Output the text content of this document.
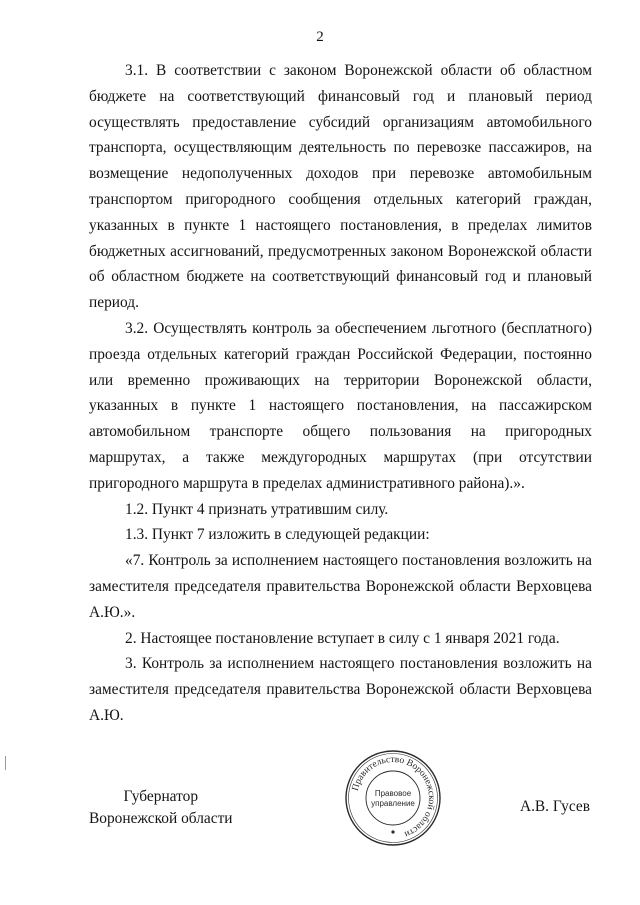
2

3.1. В соответствии с законом Воронежской области об областном бюджете на соответствующий финансовый год и плановый период осуществлять предоставление субсидий организациям автомобильного транспорта, осуществляющим деятельность по перевозке пассажиров, на возмещение недополученных доходов при перевозке автомобильным транспортом пригородного сообщения отдельных категорий граждан, указанных в пункте 1 настоящего постановления, в пределах лимитов бюджетных ассигнований, предусмотренных законом Воронежской области об областном бюджете на соответствующий финансовый год и плановый период.

3.2. Осуществлять контроль за обеспечением льготного (бесплатного) проезда отдельных категорий граждан Российской Федерации, постоянно или временно проживающих на территории Воронежской области, указанных в пункте 1 настоящего постановления, на пассажирском автомобильном транспорте общего пользования на пригородных маршрутах, а также междугородных маршрутах (при отсутствии пригородного маршрута в пределах административного района).».

1.2. Пункт 4 признать утратившим силу.

1.3. Пункт 7 изложить в следующей редакции:

«7. Контроль за исполнением настоящего постановления возложить на заместителя председателя правительства Воронежской области Верховцева А.Ю.».

2. Настоящее постановление вступает в силу с 1 января 2021 года.

3. Контроль за исполнением настоящего постановления возложить на заместителя председателя правительства Воронежской области Верховцева А.Ю.

Губернатор
Воронежской области
Правительство Воронежской области
Правовое
управление	А.В. Гусев
